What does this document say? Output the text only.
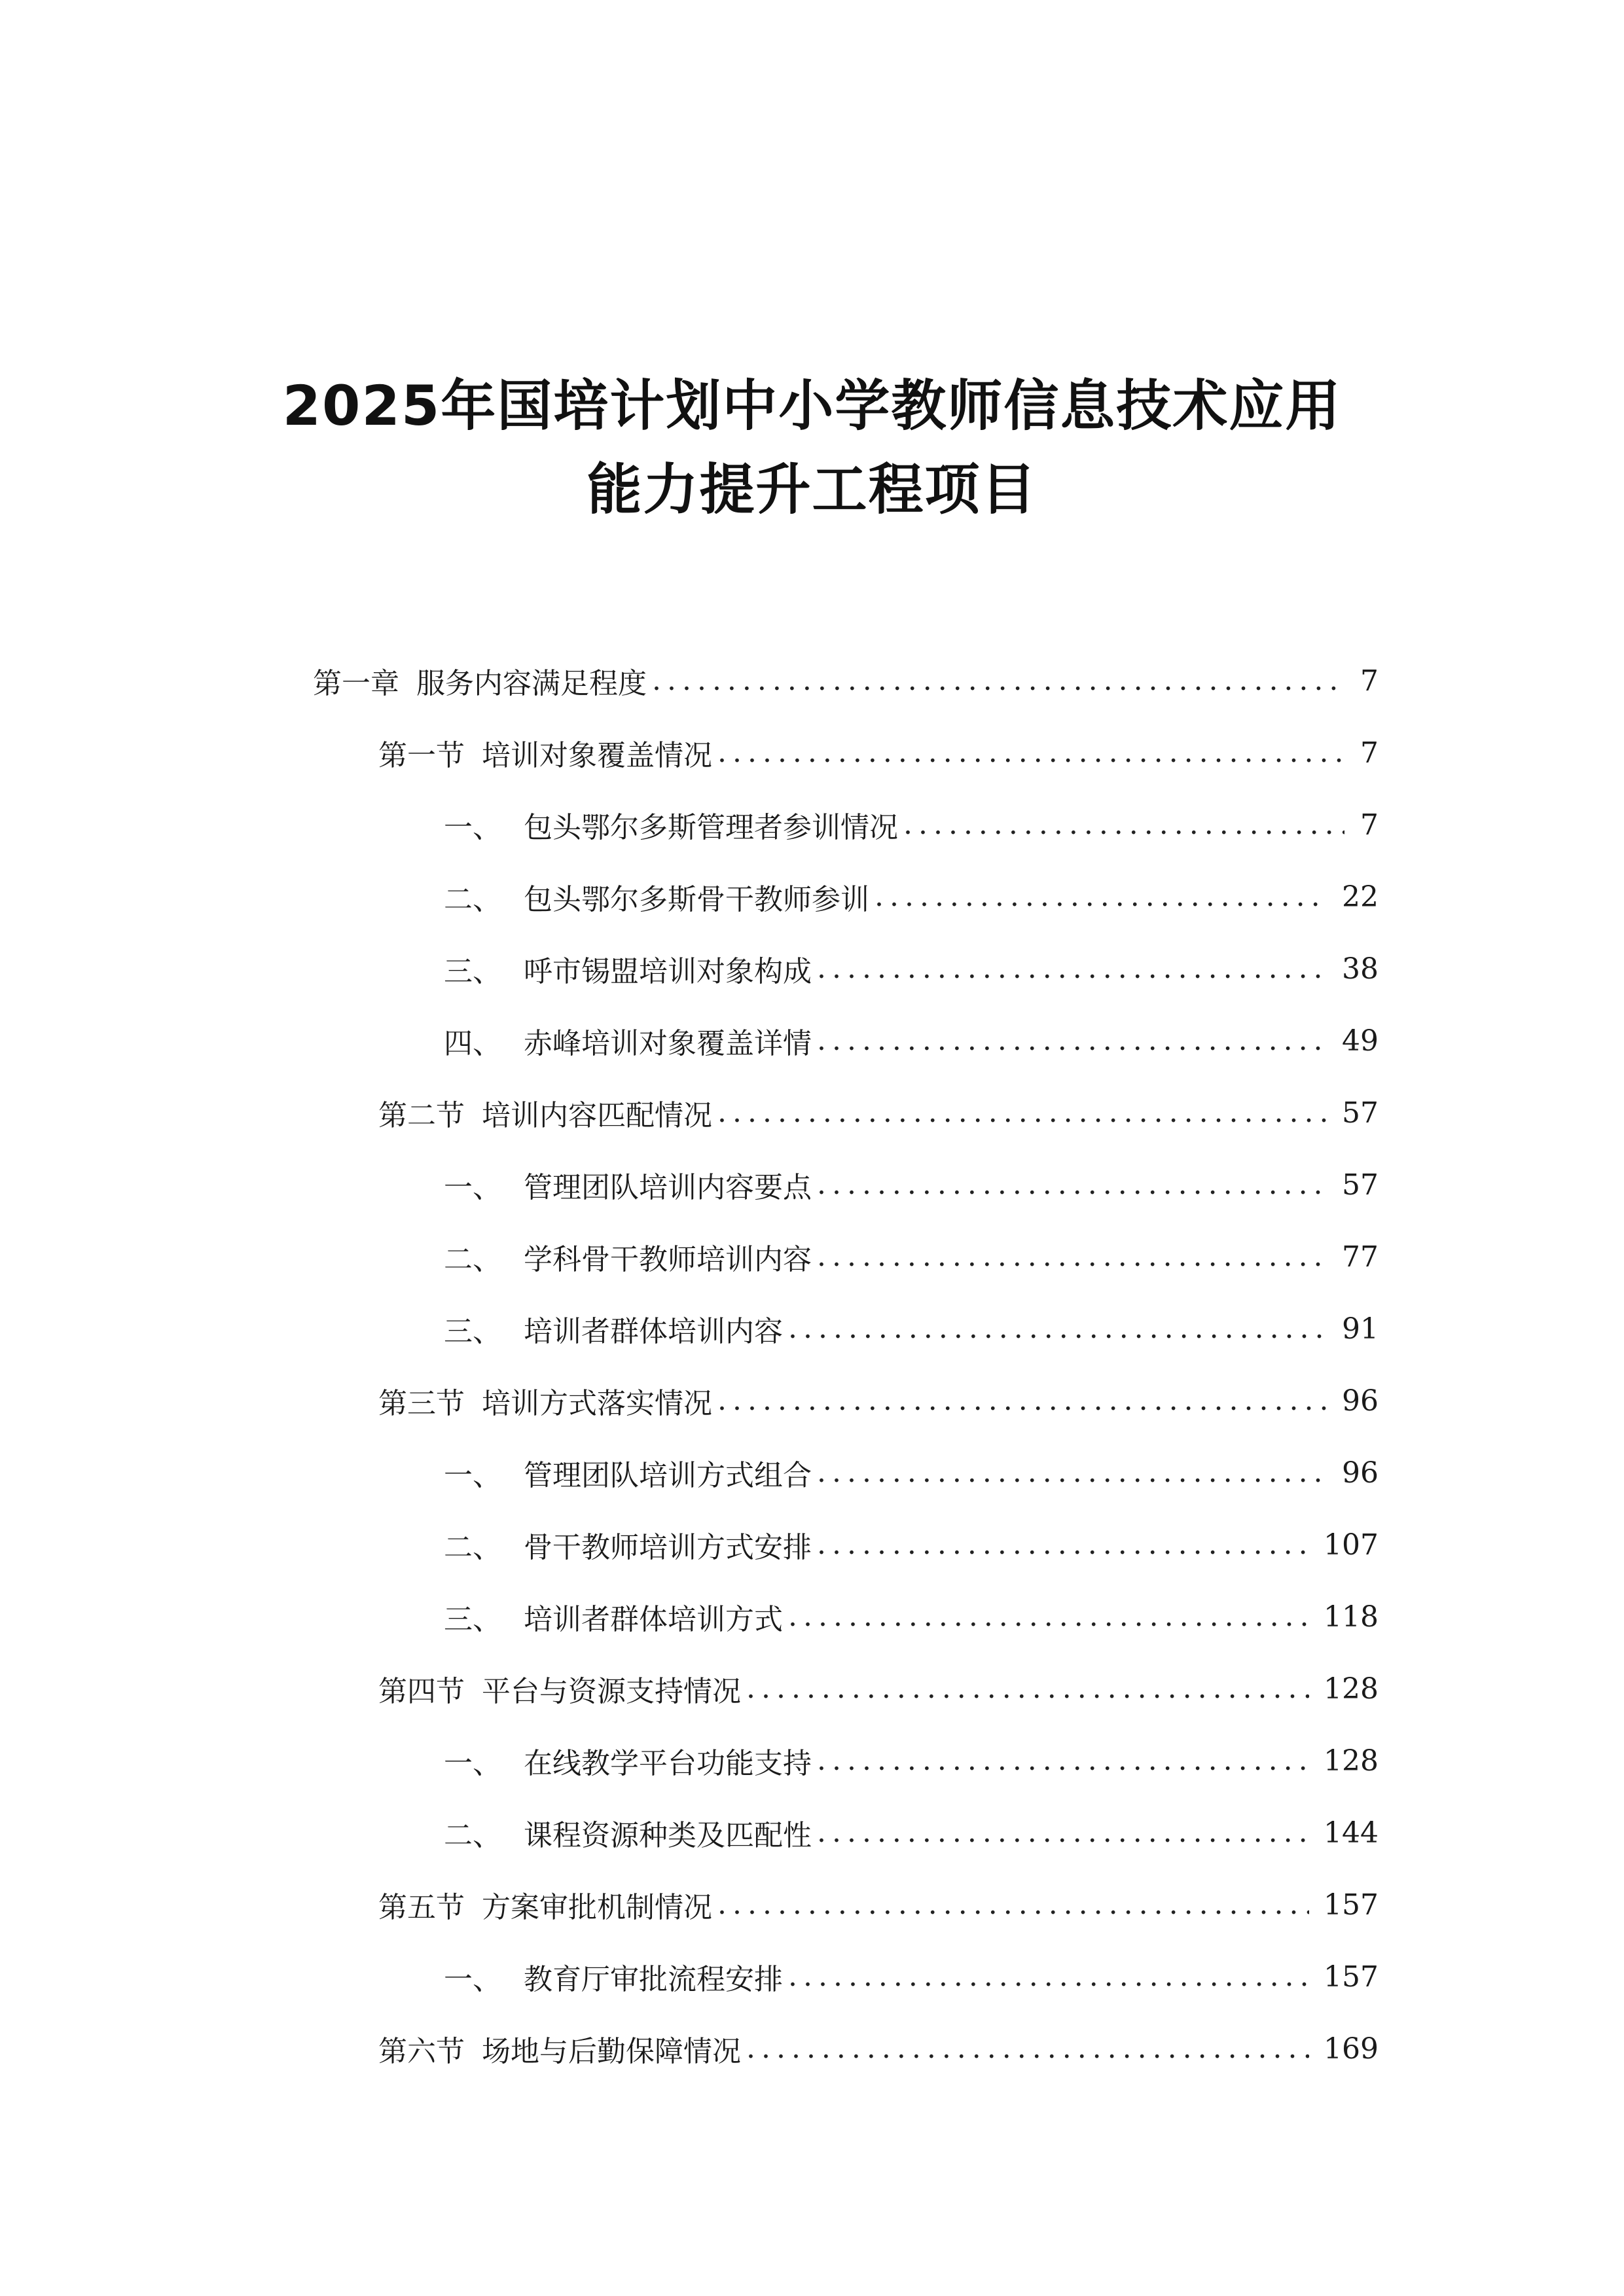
2025年国培计划中小学教师信息技术应用
能力提升工程项目
第一章 服务内容满足程度 .....	7
第一节 培训对象覆盖情况 .....	7
一、 包头鄂尔多斯管理者参训情况 .....	7
二、 包头鄂尔多斯骨干教师参训 .....	22
三、 呼市锡盟培训对象构成 .....	38
四、 赤峰培训对象覆盖详情 .....	49
第二节 培训内容匹配情况 .....	57
一、 管理团队培训内容要点 .....	57
二、 学科骨干教师培训内容 .....	77
三、 培训者群体培训内容 .....	91
第三节 培训方式落实情况 .....	96
一、 管理团队培训方式组合 .....	96
二、 骨干教师培训方式安排 .....	107
三、 培训者群体培训方式 .....	118
第四节 平台与资源支持情况 .....	128
一、 在线教学平台功能支持 .....	128
二、 课程资源种类及匹配性 .....	144
第五节 方案审批机制情况 .....	157
一、 教育厅审批流程安排 .....	157
第六节 场地与后勤保障情况 .....	169
